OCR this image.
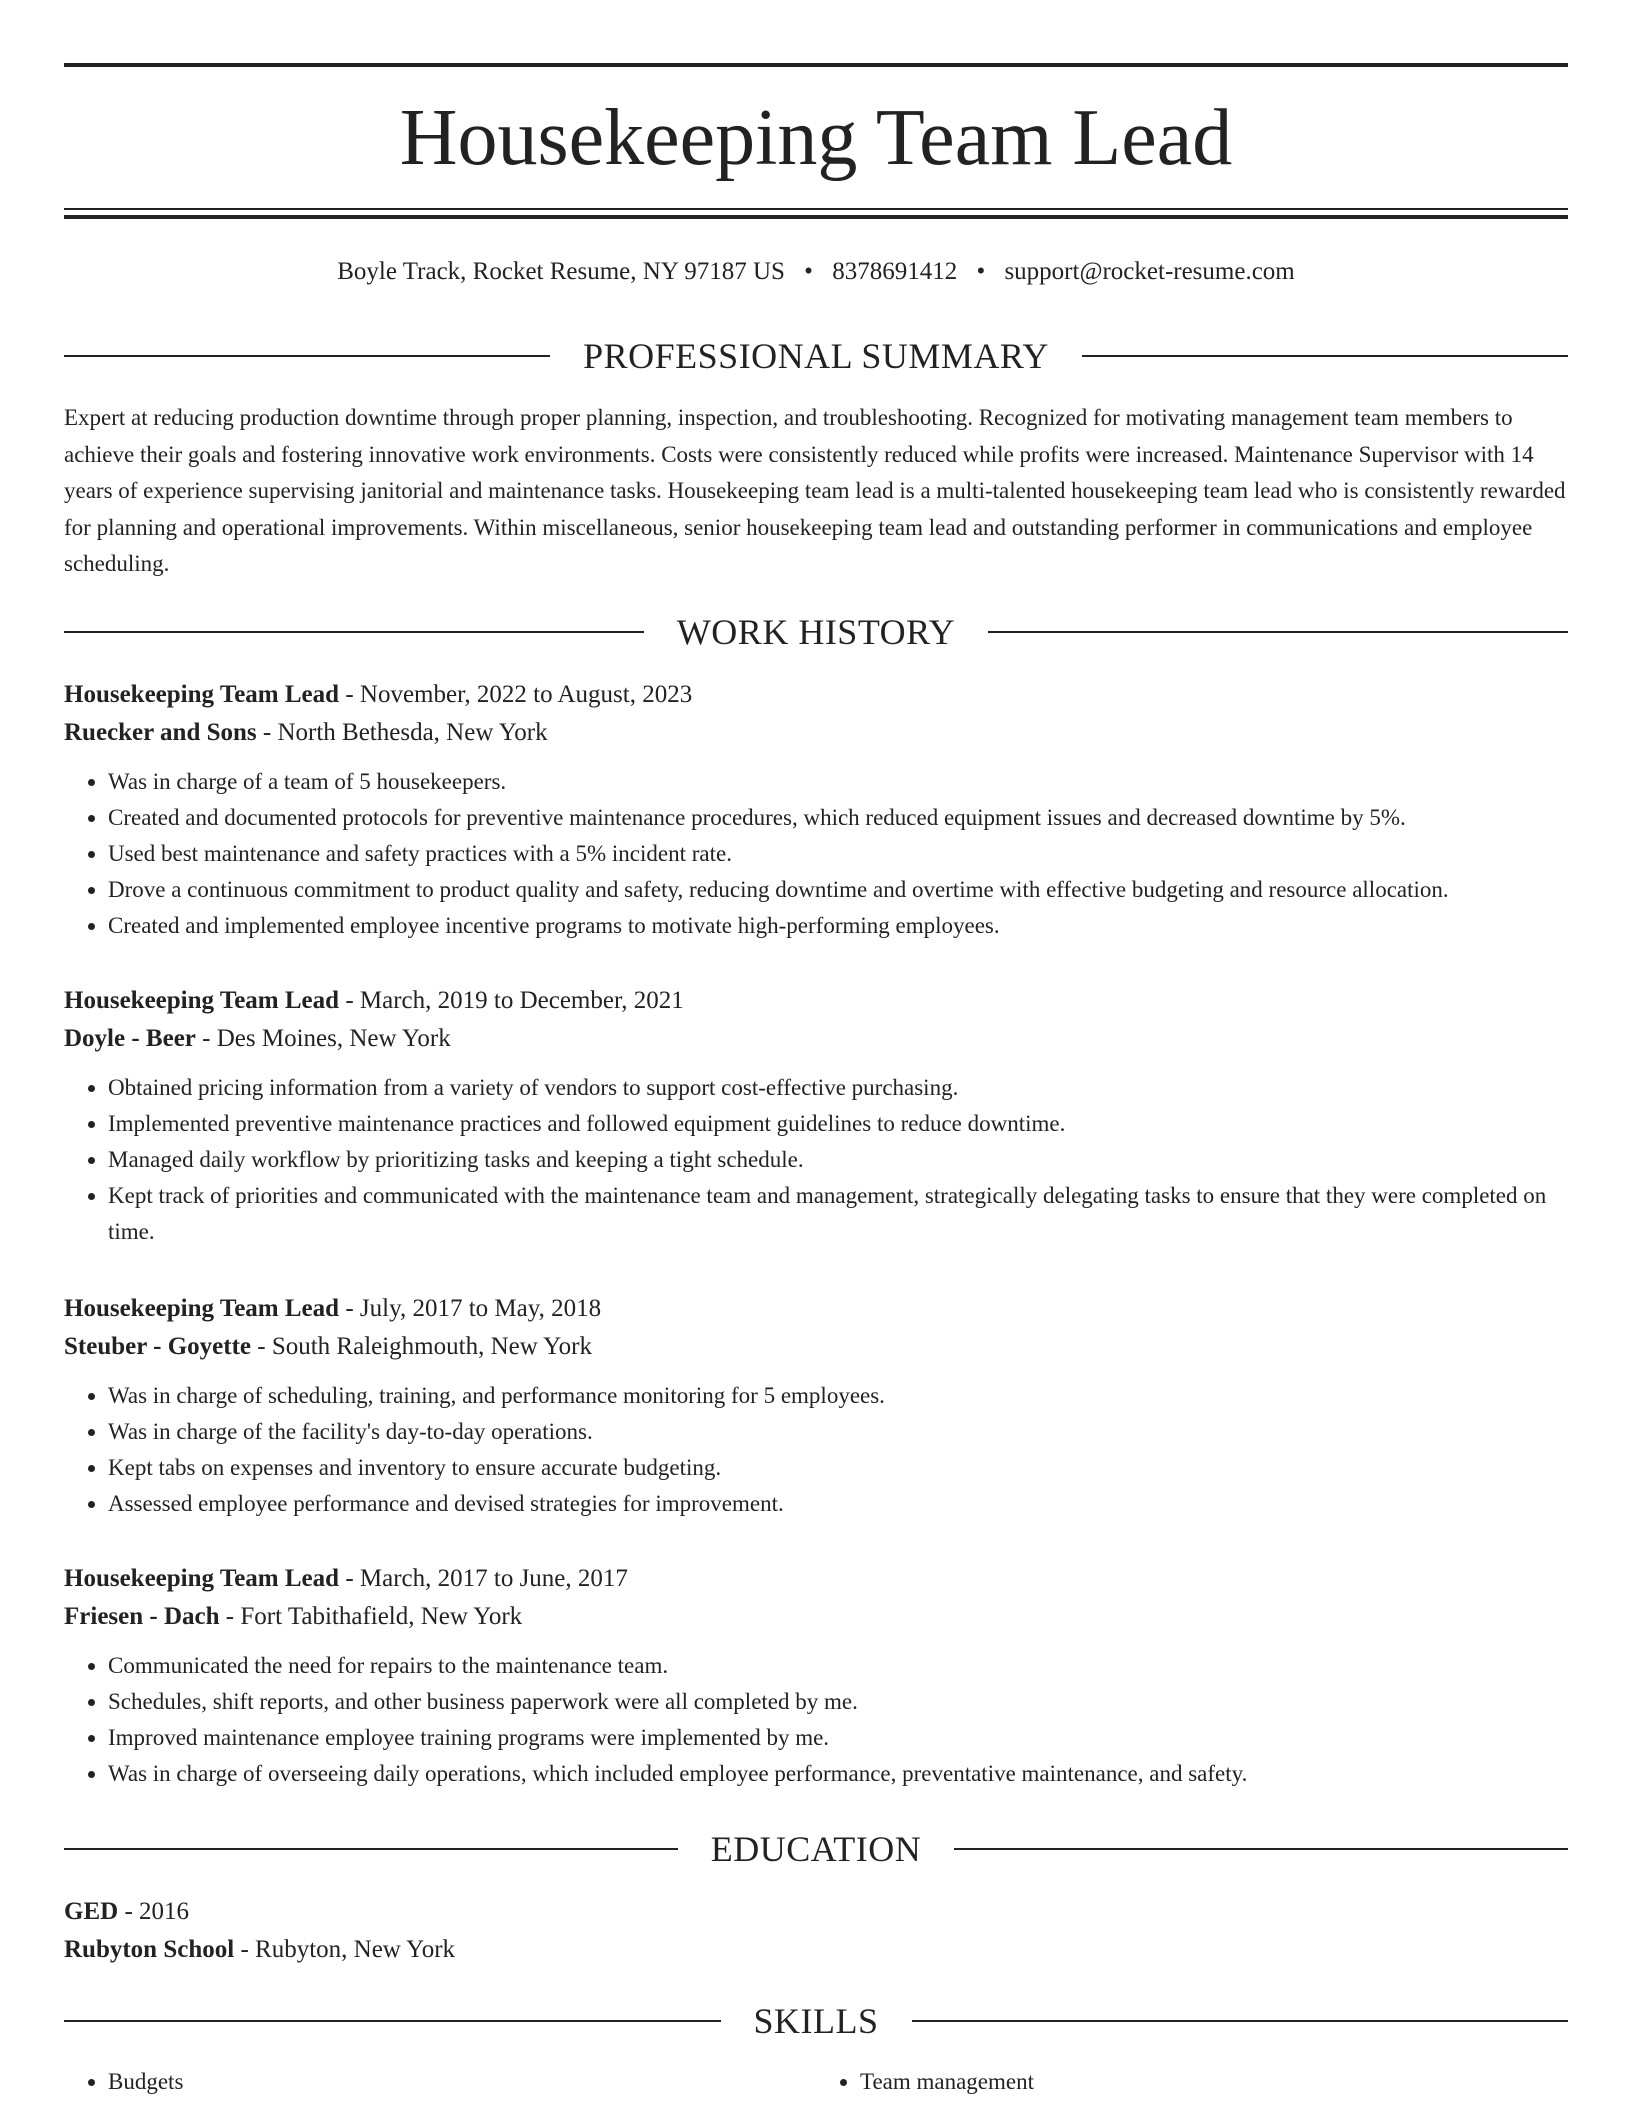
Housekeeping Team Lead
Boyle Track, Rocket Resume, NY 97187 US • 8378691412 • support@rocket-resume.com
PROFESSIONAL SUMMARY

Expert at reducing production downtime through proper planning, inspection, and troubleshooting. Recognized for motivating management team members to achieve their goals and fostering innovative work environments. Costs were consistently reduced while profits were increased. Maintenance Supervisor with 14 years of experience supervising janitorial and maintenance tasks. Housekeeping team lead is a multi-talented housekeeping team lead who is consistently rewarded for planning and operational improvements. Within miscellaneous, senior housekeeping team lead and outstanding performer in communications and employee scheduling.

WORK HISTORY
Housekeeping Team Lead - November, 2022 to August, 2023
Ruecker and Sons - North Bethesda, New York
• Was in charge of a team of 5 housekeepers.
• Created and documented protocols for preventive maintenance procedures, which reduced equipment issues and decreased downtime by 5%.
• Used best maintenance and safety practices with a 5% incident rate.
• Drove a continuous commitment to product quality and safety, reducing downtime and overtime with effective budgeting and resource allocation.
• Created and implemented employee incentive programs to motivate high-performing employees.
Housekeeping Team Lead - March, 2019 to December, 2021
Doyle - Beer - Des Moines, New York
• Obtained pricing information from a variety of vendors to support cost-effective purchasing.
• Implemented preventive maintenance practices and followed equipment guidelines to reduce downtime.
• Managed daily workflow by prioritizing tasks and keeping a tight schedule.
• Kept track of priorities and communicated with the maintenance team and management, strategically delegating tasks to ensure that they were completed on time.
Housekeeping Team Lead - July, 2017 to May, 2018
Steuber - Goyette - South Raleighmouth, New York
• Was in charge of scheduling, training, and performance monitoring for 5 employees.
• Was in charge of the facility's day-to-day operations.
• Kept tabs on expenses and inventory to ensure accurate budgeting.
• Assessed employee performance and devised strategies for improvement.
Housekeeping Team Lead - March, 2017 to June, 2017
Friesen - Dach - Fort Tabithafield, New York
• Communicated the need for repairs to the maintenance team.
• Schedules, shift reports, and other business paperwork were all completed by me.
• Improved maintenance employee training programs were implemented by me.
• Was in charge of overseeing daily operations, which included employee performance, preventative maintenance, and safety.
EDUCATION
GED - 2016
Rubyton School - Rubyton, New York
SKILLS
• Budgets
•	Team management
